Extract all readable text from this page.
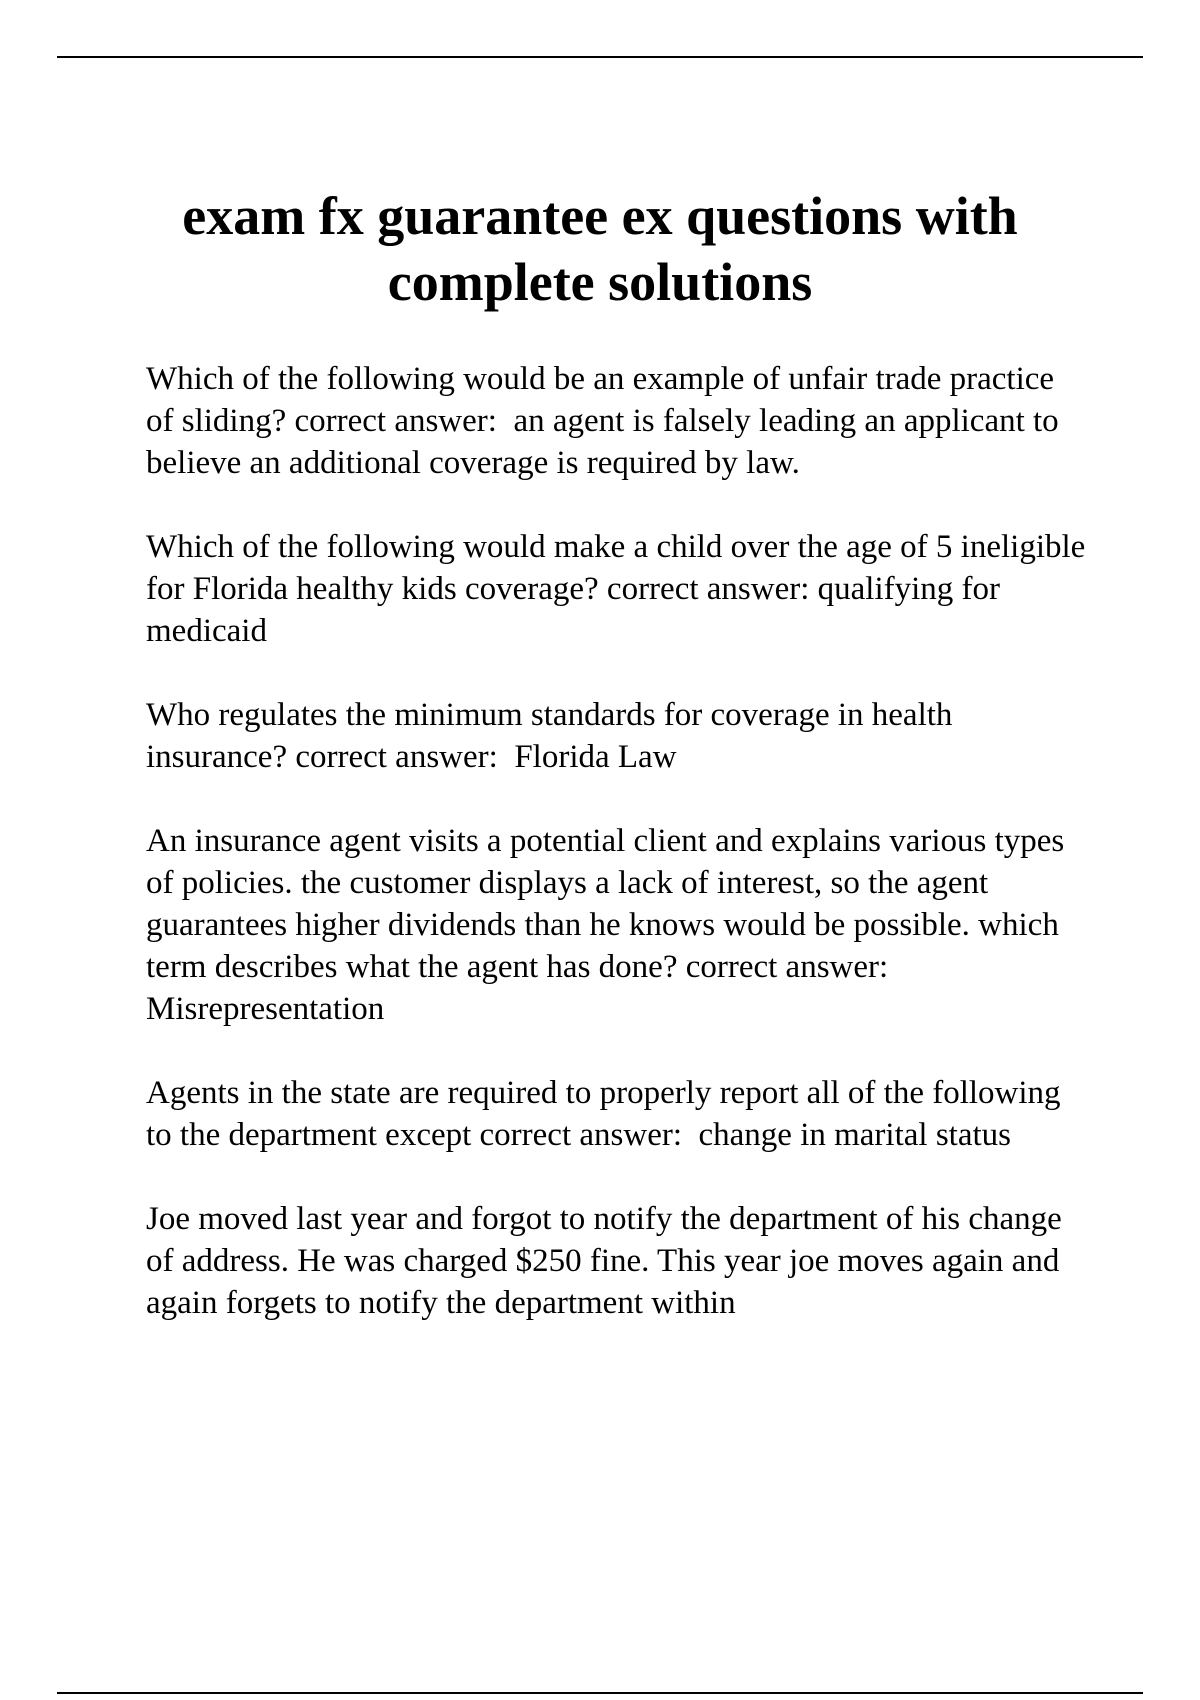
exam fx guarantee ex questions with complete solutions

Which of the following would be an example of unfair trade practice of sliding? correct answer:  an agent is falsely leading an applicant to believe an additional coverage is required by law.

Which of the following would make a child over the age of 5 ineligible for Florida healthy kids coverage? correct answer: qualifying for medicaid

Who regulates the minimum standards for coverage in health insurance? correct answer:  Florida Law

An insurance agent visits a potential client and explains various types of policies. the customer displays a lack of interest, so the agent guarantees higher dividends than he knows would be possible. which term describes what the agent has done? correct answer:  Misrepresentation

Agents in the state are required to properly report all of the following to the department except correct answer:  change in marital status

Joe moved last year and forgot to notify the department of his change of address. He was charged $250 fine. This year joe moves again and again forgets to notify the department within
